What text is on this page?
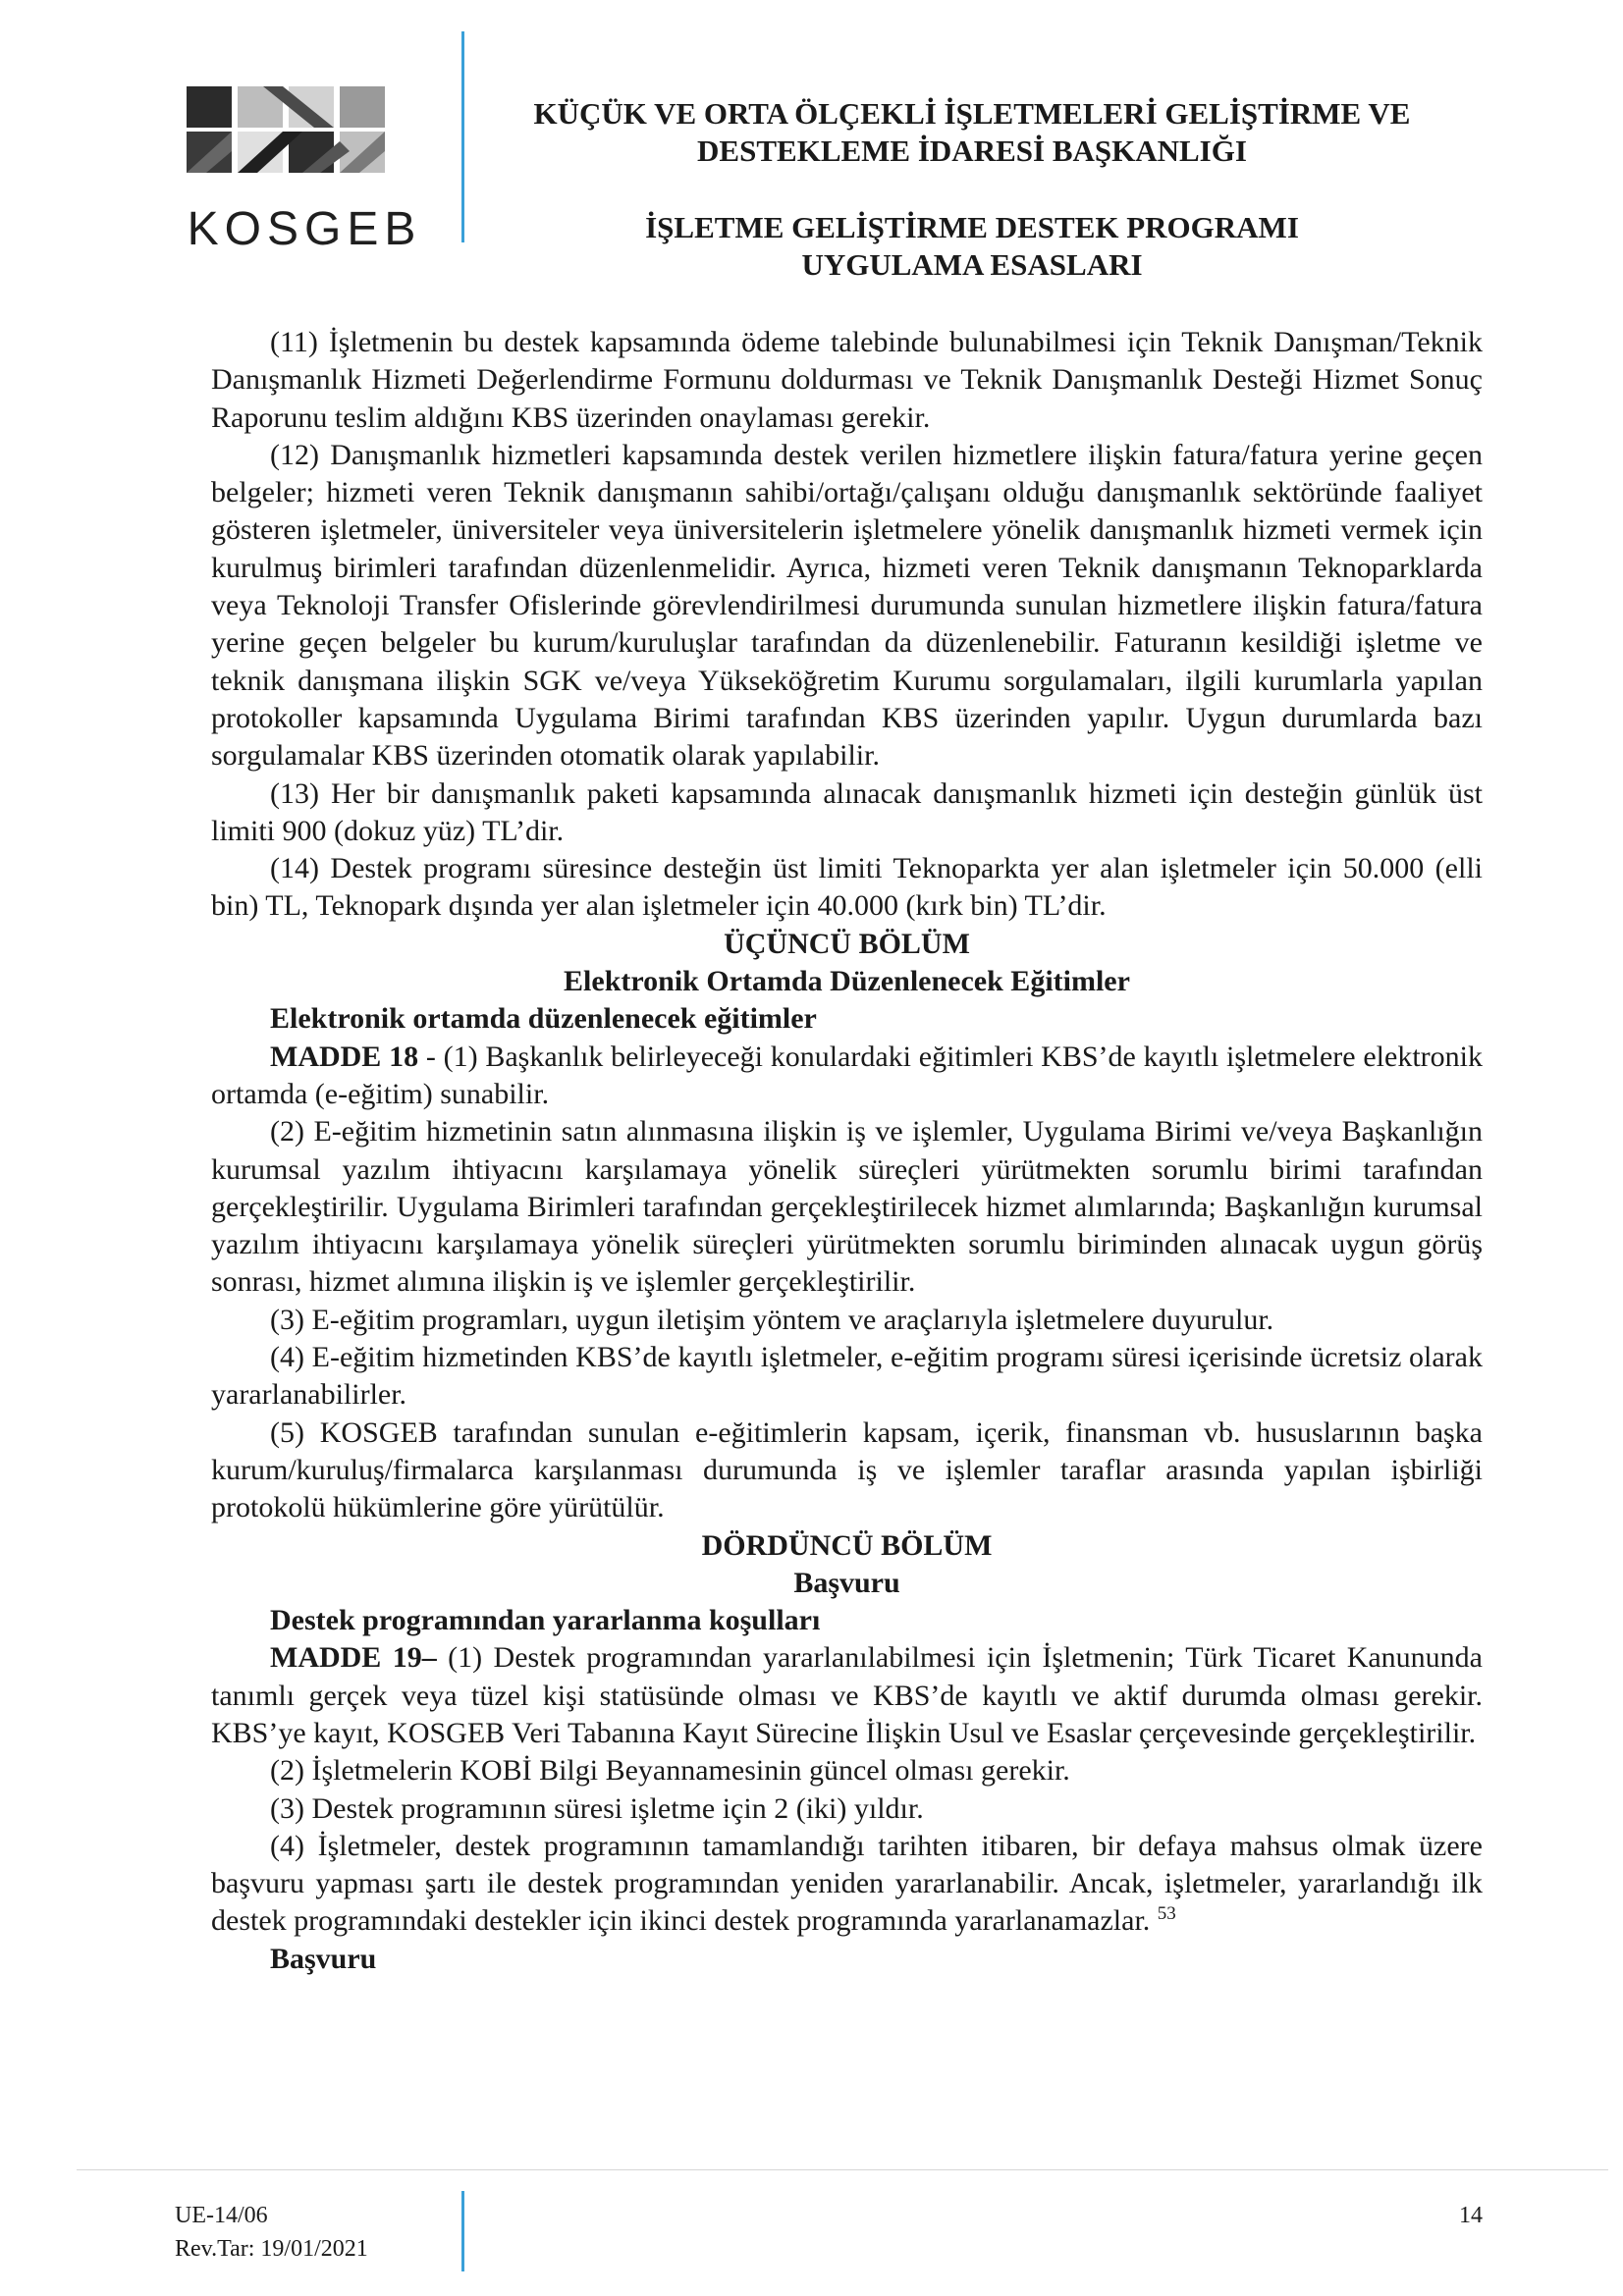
KOSGEB
KÜÇÜK VE ORTA ÖLÇEKLİ İŞLETMELERİ GELİŞTİRME VE
DESTEKLEME İDARESİ BAŞKANLIĞI
İŞLETME GELİŞTİRME DESTEK PROGRAMI
UYGULAMA ESASLARI

(11) İşletmenin bu destek kapsamında ödeme talebinde bulunabilmesi için Teknik Danışman/Teknik Danışmanlık Hizmeti Değerlendirme Formunu doldurması ve Teknik Danışmanlık Desteği Hizmet Sonuç Raporunu teslim aldığını KBS üzerinden onaylaması gerekir.

(12) Danışmanlık hizmetleri kapsamında destek verilen hizmetlere ilişkin fatura/fatura yerine geçen belgeler; hizmeti veren Teknik danışmanın sahibi/ortağı/çalışanı olduğu danışmanlık sektöründe faaliyet gösteren işletmeler, üniversiteler veya üniversitelerin işletmelere yönelik danışmanlık hizmeti vermek için kurulmuş birimleri tarafından düzenlenmelidir. Ayrıca, hizmeti veren Teknik danışmanın Teknoparklarda veya Teknoloji Transfer Ofislerinde görevlendirilmesi durumunda sunulan hizmetlere ilişkin fatura/fatura yerine geçen belgeler bu kurum/kuruluşlar tarafından da düzenlenebilir. Faturanın kesildiği işletme ve teknik danışmana ilişkin SGK ve/veya Yükseköğretim Kurumu sorgulamaları, ilgili kurumlarla yapılan protokoller kapsamında Uygulama Birimi tarafından KBS üzerinden yapılır. Uygun durumlarda bazı sorgulamalar KBS üzerinden otomatik olarak yapılabilir.

(13) Her bir danışmanlık paketi kapsamında alınacak danışmanlık hizmeti için desteğin günlük üst limiti 900 (dokuz yüz) TL’dir.

(14) Destek programı süresince desteğin üst limiti Teknoparkta yer alan işletmeler için 50.000 (elli bin) TL, Teknopark dışında yer alan işletmeler için 40.000 (kırk bin) TL’dir.

ÜÇÜNCÜ BÖLÜM

Elektronik Ortamda Düzenlenecek Eğitimler

Elektronik ortamda düzenlenecek eğitimler

MADDE 18 - (1) Başkanlık belirleyeceği konulardaki eğitimleri KBS’de kayıtlı işletmelere elektronik ortamda (e-eğitim) sunabilir.

(2) E-eğitim hizmetinin satın alınmasına ilişkin iş ve işlemler, Uygulama Birimi ve/veya Başkanlığın kurumsal yazılım ihtiyacını karşılamaya yönelik süreçleri yürütmekten sorumlu birimi tarafından gerçekleştirilir. Uygulama Birimleri tarafından gerçekleştirilecek hizmet alımlarında; Başkanlığın kurumsal yazılım ihtiyacını karşılamaya yönelik süreçleri yürütmekten sorumlu biriminden alınacak uygun görüş sonrası, hizmet alımına ilişkin iş ve işlemler gerçekleştirilir.

(3) E-eğitim programları, uygun iletişim yöntem ve araçlarıyla işletmelere duyurulur.

(4) E-eğitim hizmetinden KBS’de kayıtlı işletmeler, e-eğitim programı süresi içerisinde ücretsiz olarak yararlanabilirler.

(5) KOSGEB tarafından sunulan e-eğitimlerin kapsam, içerik, finansman vb. hususlarının başka kurum/kuruluş/firmalarca karşılanması durumunda iş ve işlemler taraflar arasında yapılan işbirliği protokolü hükümlerine göre yürütülür.

DÖRDÜNCÜ BÖLÜM

Başvuru

Destek programından yararlanma koşulları

MADDE 19– (1) Destek programından yararlanılabilmesi için İşletmenin; Türk Ticaret Kanununda tanımlı gerçek veya tüzel kişi statüsünde olması ve KBS’de kayıtlı ve aktif durumda olması gerekir. KBS’ye kayıt, KOSGEB Veri Tabanına Kayıt Sürecine İlişkin Usul ve Esaslar çerçevesinde gerçekleştirilir.

(2) İşletmelerin KOBİ Bilgi Beyannamesinin güncel olması gerekir.

(3) Destek programının süresi işletme için 2 (iki) yıldır.

(4) İşletmeler, destek programının tamamlandığı tarihten itibaren, bir defaya mahsus olmak üzere başvuru yapması şartı ile destek programından yeniden yararlanabilir. Ancak, işletmeler, yararlandığı ilk destek programındaki destekler için ikinci destek programında yararlanamazlar. $^{53}$

Başvuru

UE-14/06
Rev.Tar: 19/01/2021
14
